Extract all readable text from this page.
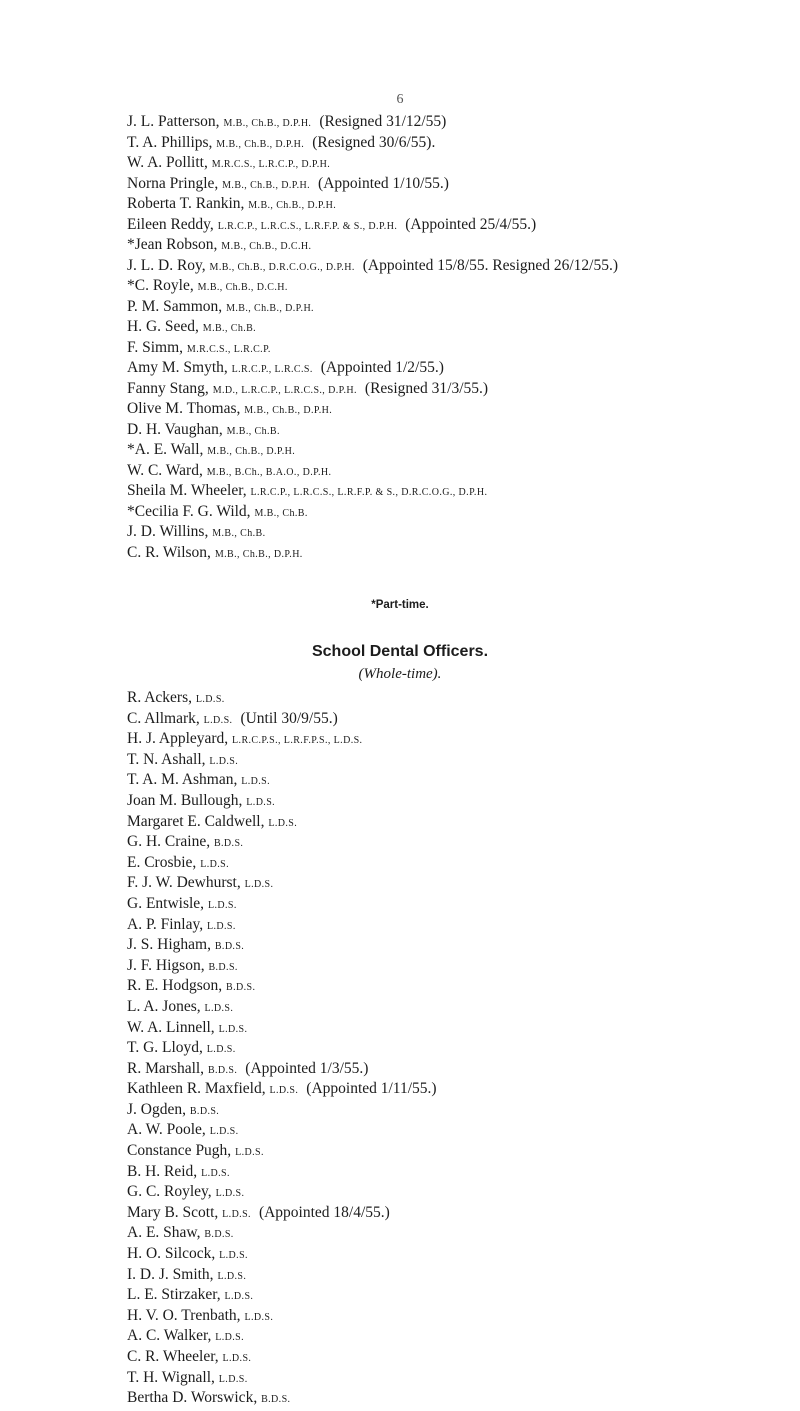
6
J. L. Patterson, M.B., Ch.B., D.P.H. (Resigned 31/12/55)
T. A. Phillips, M.B., Ch.B., D.P.H. (Resigned 30/6/55).
W. A. Pollitt, M.R.C.S., L.R.C.P., D.P.H.
Norna Pringle, M.B., Ch.B., D.P.H. (Appointed 1/10/55.)
Roberta T. Rankin, M.B., Ch.B., D.P.H.
Eileen Reddy, L.R.C.P., L.R.C.S., L.R.F.P. & S., D.P.H. (Appointed 25/4/55.)
*Jean Robson, M.B., Ch.B., D.C.H.
J. L. D. Roy, M.B., Ch.B., D.R.C.O.G., D.P.H. (Appointed 15/8/55. Resigned 26/12/55.)
*C. Royle, M.B., Ch.B., D.C.H.
P. M. Sammon, M.B., Ch.B., D.P.H.
H. G. Seed, M.B., Ch.B.
F. Simm, M.R.C.S., L.R.C.P.
Amy M. Smyth, L.R.C.P., L.R.C.S. (Appointed 1/2/55.)
Fanny Stang, M.D., L.R.C.P., L.R.C.S., D.P.H. (Resigned 31/3/55.)
Olive M. Thomas, M.B., Ch.B., D.P.H.
D. H. Vaughan, M.B., Ch.B.
*A. E. Wall, M.B., Ch.B., D.P.H.
W. C. Ward, M.B., B.Ch., B.A.O., D.P.H.
Sheila M. Wheeler, L.R.C.P., L.R.C.S., L.R.F.P. & S., D.R.C.O.G., D.P.H.
*Cecilia F. G. Wild, M.B., Ch.B.
J. D. Willins, M.B., Ch.B.
C. R. Wilson, M.B., Ch.B., D.P.H.
*Part-time.
School Dental Officers.
(Whole-time).
R. Ackers, L.D.S.
C. Allmark, L.D.S. (Until 30/9/55.)
H. J. Appleyard, L.R.C.P.S., L.R.F.P.S., L.D.S.
T. N. Ashall, L.D.S.
T. A. M. Ashman, L.D.S.
Joan M. Bullough, L.D.S.
Margaret E. Caldwell, L.D.S.
G. H. Craine, B.D.S.
E. Crosbie, L.D.S.
F. J. W. Dewhurst, L.D.S.
G. Entwisle, L.D.S.
A. P. Finlay, L.D.S.
J. S. Higham, B.D.S.
J. F. Higson, B.D.S.
R. E. Hodgson, B.D.S.
L. A. Jones, L.D.S.
W. A. Linnell, L.D.S.
T. G. Lloyd, L.D.S.
R. Marshall, B.D.S. (Appointed 1/3/55.)
Kathleen R. Maxfield, L.D.S. (Appointed 1/11/55.)
J. Ogden, B.D.S.
A. W. Poole, L.D.S.
Constance Pugh, L.D.S.
B. H. Reid, L.D.S.
G. C. Royley, L.D.S.
Mary B. Scott, L.D.S. (Appointed 18/4/55.)
A. E. Shaw, B.D.S.
H. O. Silcock, L.D.S.
I. D. J. Smith, L.D.S.
L. E. Stirzaker, L.D.S.
H. V. O. Trenbath, L.D.S.
A. C. Walker, L.D.S.
C. R. Wheeler, L.D.S.
T. H. Wignall, L.D.S.
Bertha D. Worswick, B.D.S.
